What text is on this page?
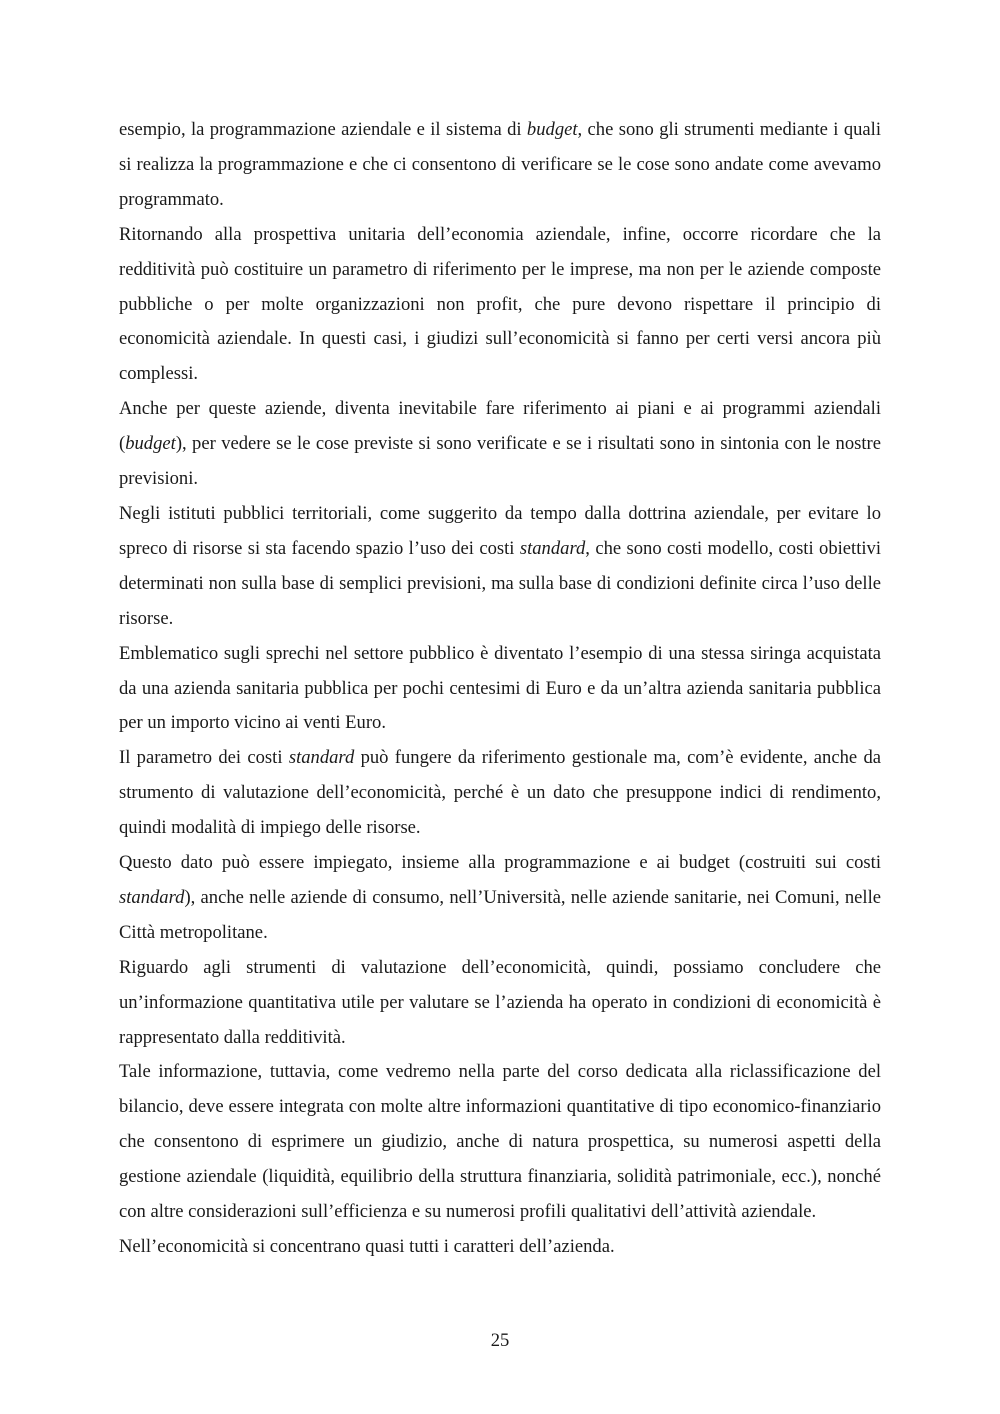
esempio, la programmazione aziendale e il sistema di budget, che sono gli strumenti mediante i quali si realizza la programmazione e che ci consentono di verificare se le cose sono andate come avevamo programmato.

Ritornando alla prospettiva unitaria dell’economia aziendale, infine, occorre ricordare che la redditività può costituire un parametro di riferimento per le imprese, ma non per le aziende composte pubbliche o per molte organizzazioni non profit, che pure devono rispettare il principio di economicità aziendale. In questi casi, i giudizi sull’economicità si fanno per certi versi ancora più complessi.

Anche per queste aziende, diventa inevitabile fare riferimento ai piani e ai programmi aziendali (budget), per vedere se le cose previste si sono verificate e se i risultati sono in sintonia con le nostre previsioni.

Negli istituti pubblici territoriali, come suggerito da tempo dalla dottrina aziendale, per evitare lo spreco di risorse si sta facendo spazio l’uso dei costi standard, che sono costi modello, costi obiettivi determinati non sulla base di semplici previsioni, ma sulla base di condizioni definite circa l’uso delle risorse.

Emblematico sugli sprechi nel settore pubblico è diventato l’esempio di una stessa siringa acquistata da una azienda sanitaria pubblica per pochi centesimi di Euro e da un’altra azienda sanitaria pubblica per un importo vicino ai venti Euro.

Il parametro dei costi standard può fungere da riferimento gestionale ma, com’è evidente, anche da strumento di valutazione dell’economicità, perché è un dato che presuppone indici di rendimento, quindi modalità di impiego delle risorse.

Questo dato può essere impiegato, insieme alla programmazione e ai budget (costruiti sui costi standard), anche nelle aziende di consumo, nell’Università, nelle aziende sanitarie, nei Comuni, nelle Città metropolitane.

Riguardo agli strumenti di valutazione dell’economicità, quindi, possiamo concludere che un’informazione quantitativa utile per valutare se l’azienda ha operato in condizioni di economicità è rappresentato dalla redditività.

Tale informazione, tuttavia, come vedremo nella parte del corso dedicata alla riclassificazione del bilancio, deve essere integrata con molte altre informazioni quantitative di tipo economico-finanziario che consentono di esprimere un giudizio, anche di natura prospettica, su numerosi aspetti della gestione aziendale (liquidità, equilibrio della struttura finanziaria, solidità patrimoniale, ecc.), nonché con altre considerazioni sull’efficienza e su numerosi profili qualitativi dell’attività aziendale.

Nell’economicità si concentrano quasi tutti i caratteri dell’azienda.

25
